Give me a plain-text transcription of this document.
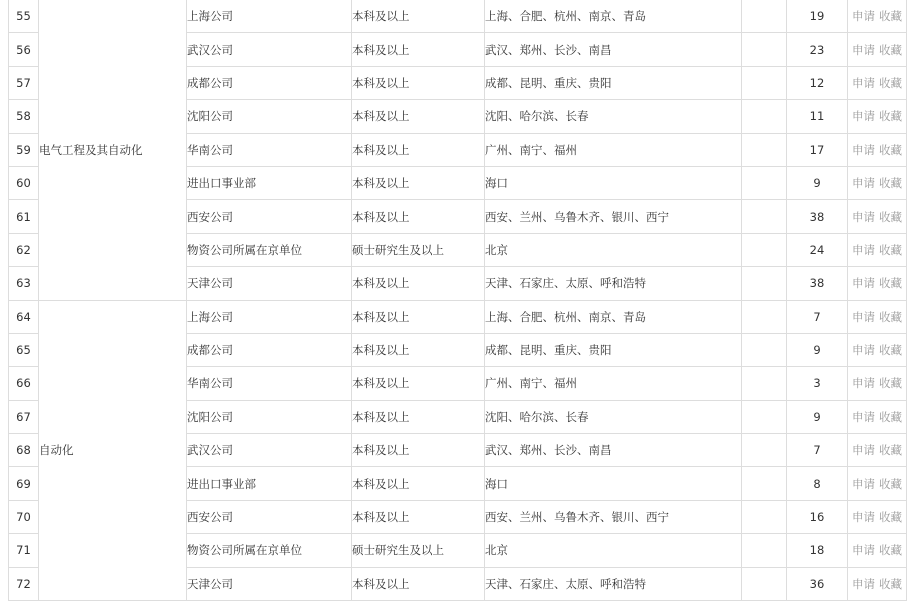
55	电气工程及其自动化	上海公司	本科及以上	上海、合肥、杭州、南京、青岛		19	申请 收藏
56		武汉公司	本科及以上	武汉、郑州、长沙、南昌		23	申请 收藏
57		成都公司	本科及以上	成都、昆明、重庆、贵阳		12	申请 收藏
58		沈阳公司	本科及以上	沈阳、哈尔滨、长春		11	申请 收藏
59		华南公司	本科及以上	广州、南宁、福州		17	申请 收藏
60		进出口事业部	本科及以上	海口		9	申请 收藏
61		西安公司	本科及以上	西安、兰州、乌鲁木齐、银川、西宁		38	申请 收藏
62		物资公司所属在京单位	硕士研究生及以上	北京		24	申请 收藏
63		天津公司	本科及以上	天津、石家庄、太原、呼和浩特		38	申请 收藏
64	自动化	上海公司	本科及以上	上海、合肥、杭州、南京、青岛		7	申请 收藏
65		成都公司	本科及以上	成都、昆明、重庆、贵阳		9	申请 收藏
66		华南公司	本科及以上	广州、南宁、福州		3	申请 收藏
67		沈阳公司	本科及以上	沈阳、哈尔滨、长春		9	申请 收藏
68		武汉公司	本科及以上	武汉、郑州、长沙、南昌		7	申请 收藏
69		进出口事业部	本科及以上	海口		8	申请 收藏
70		西安公司	本科及以上	西安、兰州、乌鲁木齐、银川、西宁		16	申请 收藏
71		物资公司所属在京单位	硕士研究生及以上	北京		18	申请 收藏
72		天津公司	本科及以上	天津、石家庄、太原、呼和浩特		36	申请 收藏
